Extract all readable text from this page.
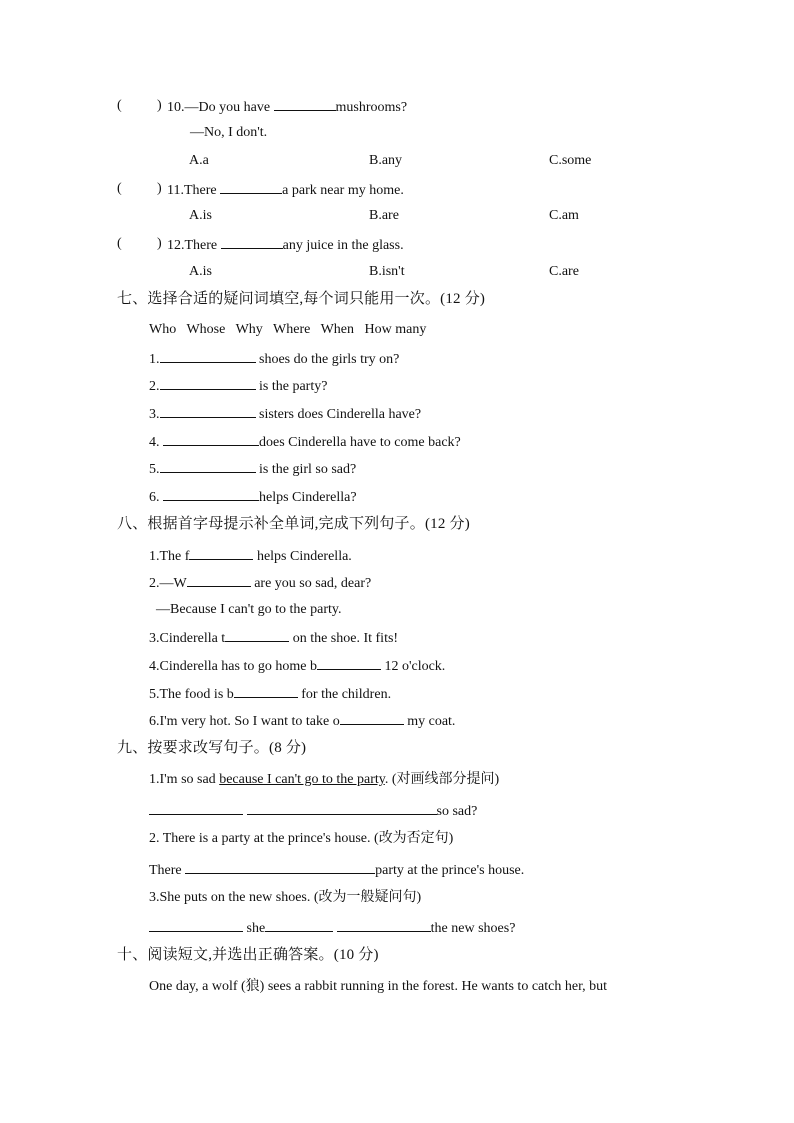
(	) 10.—Do you have	mushrooms?
—No, I don't.
A.a	B.any	C.some
(	) 11.There	a park near my home.
A.is	B.are	C.am
(	) 12.There	any juice in the glass.
A.is	B.isn't	C.are
七、选择合适的疑问词填空,每个词只能用一次。(12 分)
Who   Whose   Why   Where   When   How many
1.	shoes do the girls try on?
2.	is the party?
3.	sisters does Cinderella have?
4.	does Cinderella have to come back?
5.	is the girl so sad?
6.	helps Cinderella?
八、根据首字母提示补全单词,完成下列句子。(12 分)
1.The f	helps Cinderella.
2.—W	are you so sad, dear?
—Because I can't go to the party.
3.Cinderella t	on the shoe. It fits!
4.Cinderella has to go home b	12 o'clock.
5.The food is b	for the children.
6.I'm very hot. So I want to take o	my coat.
九、按要求改写句子。(8 分)
1.I'm so sad because I can't go to the party. (对画线部分提问)
so sad?
2. There is a party at the prince's house. (改为否定句)
There	party at the prince's house.
3.She puts on the new shoes. (改为一般疑问句)
she	the new shoes?
十、阅读短文,并选出正确答案。(10 分)
One day, a wolf (狼) sees a rabbit running in the forest. He wants to catch her, but
